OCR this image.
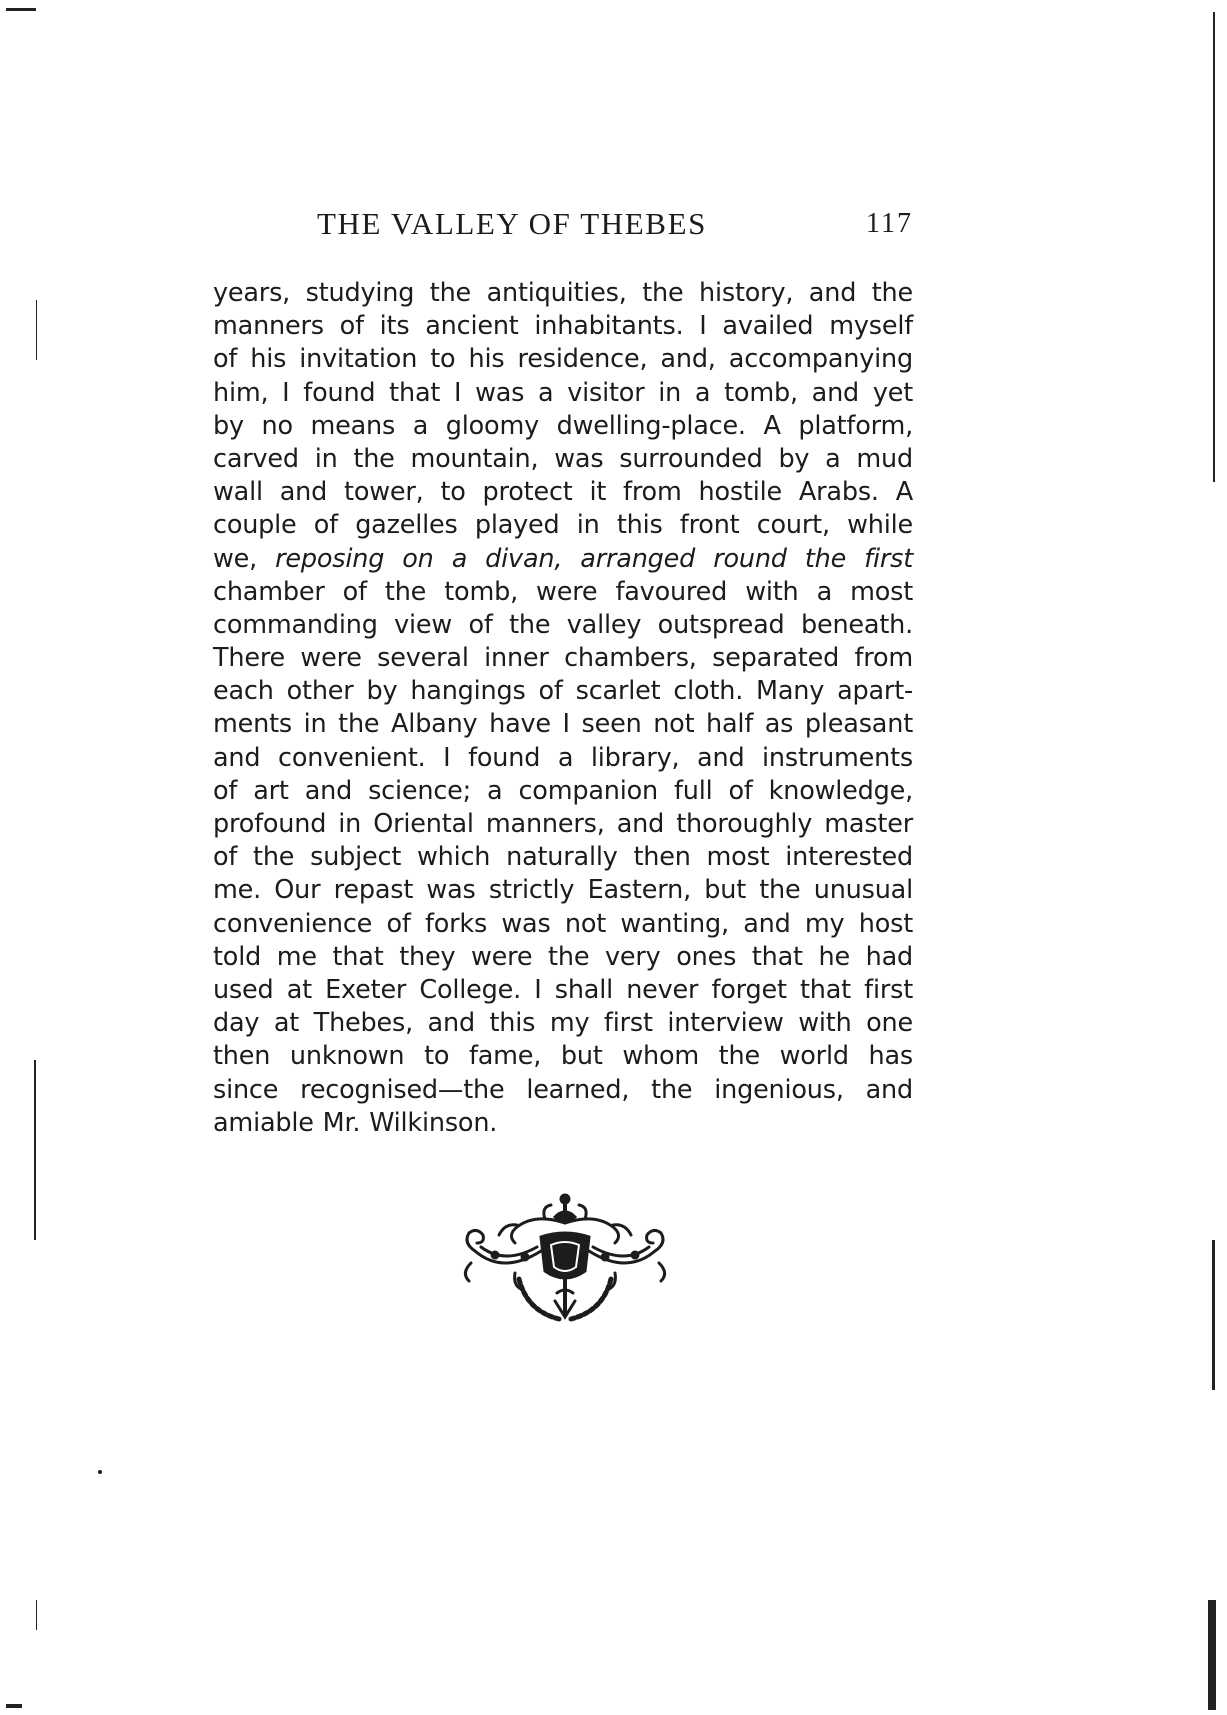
THE VALLEY OF THEBES	117
years, studying the antiquities, the history, and the
manners of its ancient inhabitants. I availed myself
of his invitation to his residence, and, accompanying
him, I found that I was a visitor in a tomb, and yet
by no means a gloomy dwelling-place. A platform,
carved in the mountain, was surrounded by a mud
wall and tower, to protect it from hostile Arabs. A
couple of gazelles played in this front court, while
we, reposing on a divan, arranged round the first
chamber of the tomb, were favoured with a most
commanding view of the valley outspread beneath.
There were several inner chambers, separated from
each other by hangings of scarlet cloth. Many apart-
ments in the Albany have I seen not half as pleasant
and convenient. I found a library, and instruments
of art and science; a companion full of knowledge,
profound in Oriental manners, and thoroughly master
of the subject which naturally then most interested
me. Our repast was strictly Eastern, but the unusual
convenience of forks was not wanting, and my host
told me that they were the very ones that he had
used at Exeter College. I shall never forget that first
day at Thebes, and this my first interview with one
then unknown to fame, but whom the world has
since recognised—the learned, the ingenious, and
amiable Mr. Wilkinson.
